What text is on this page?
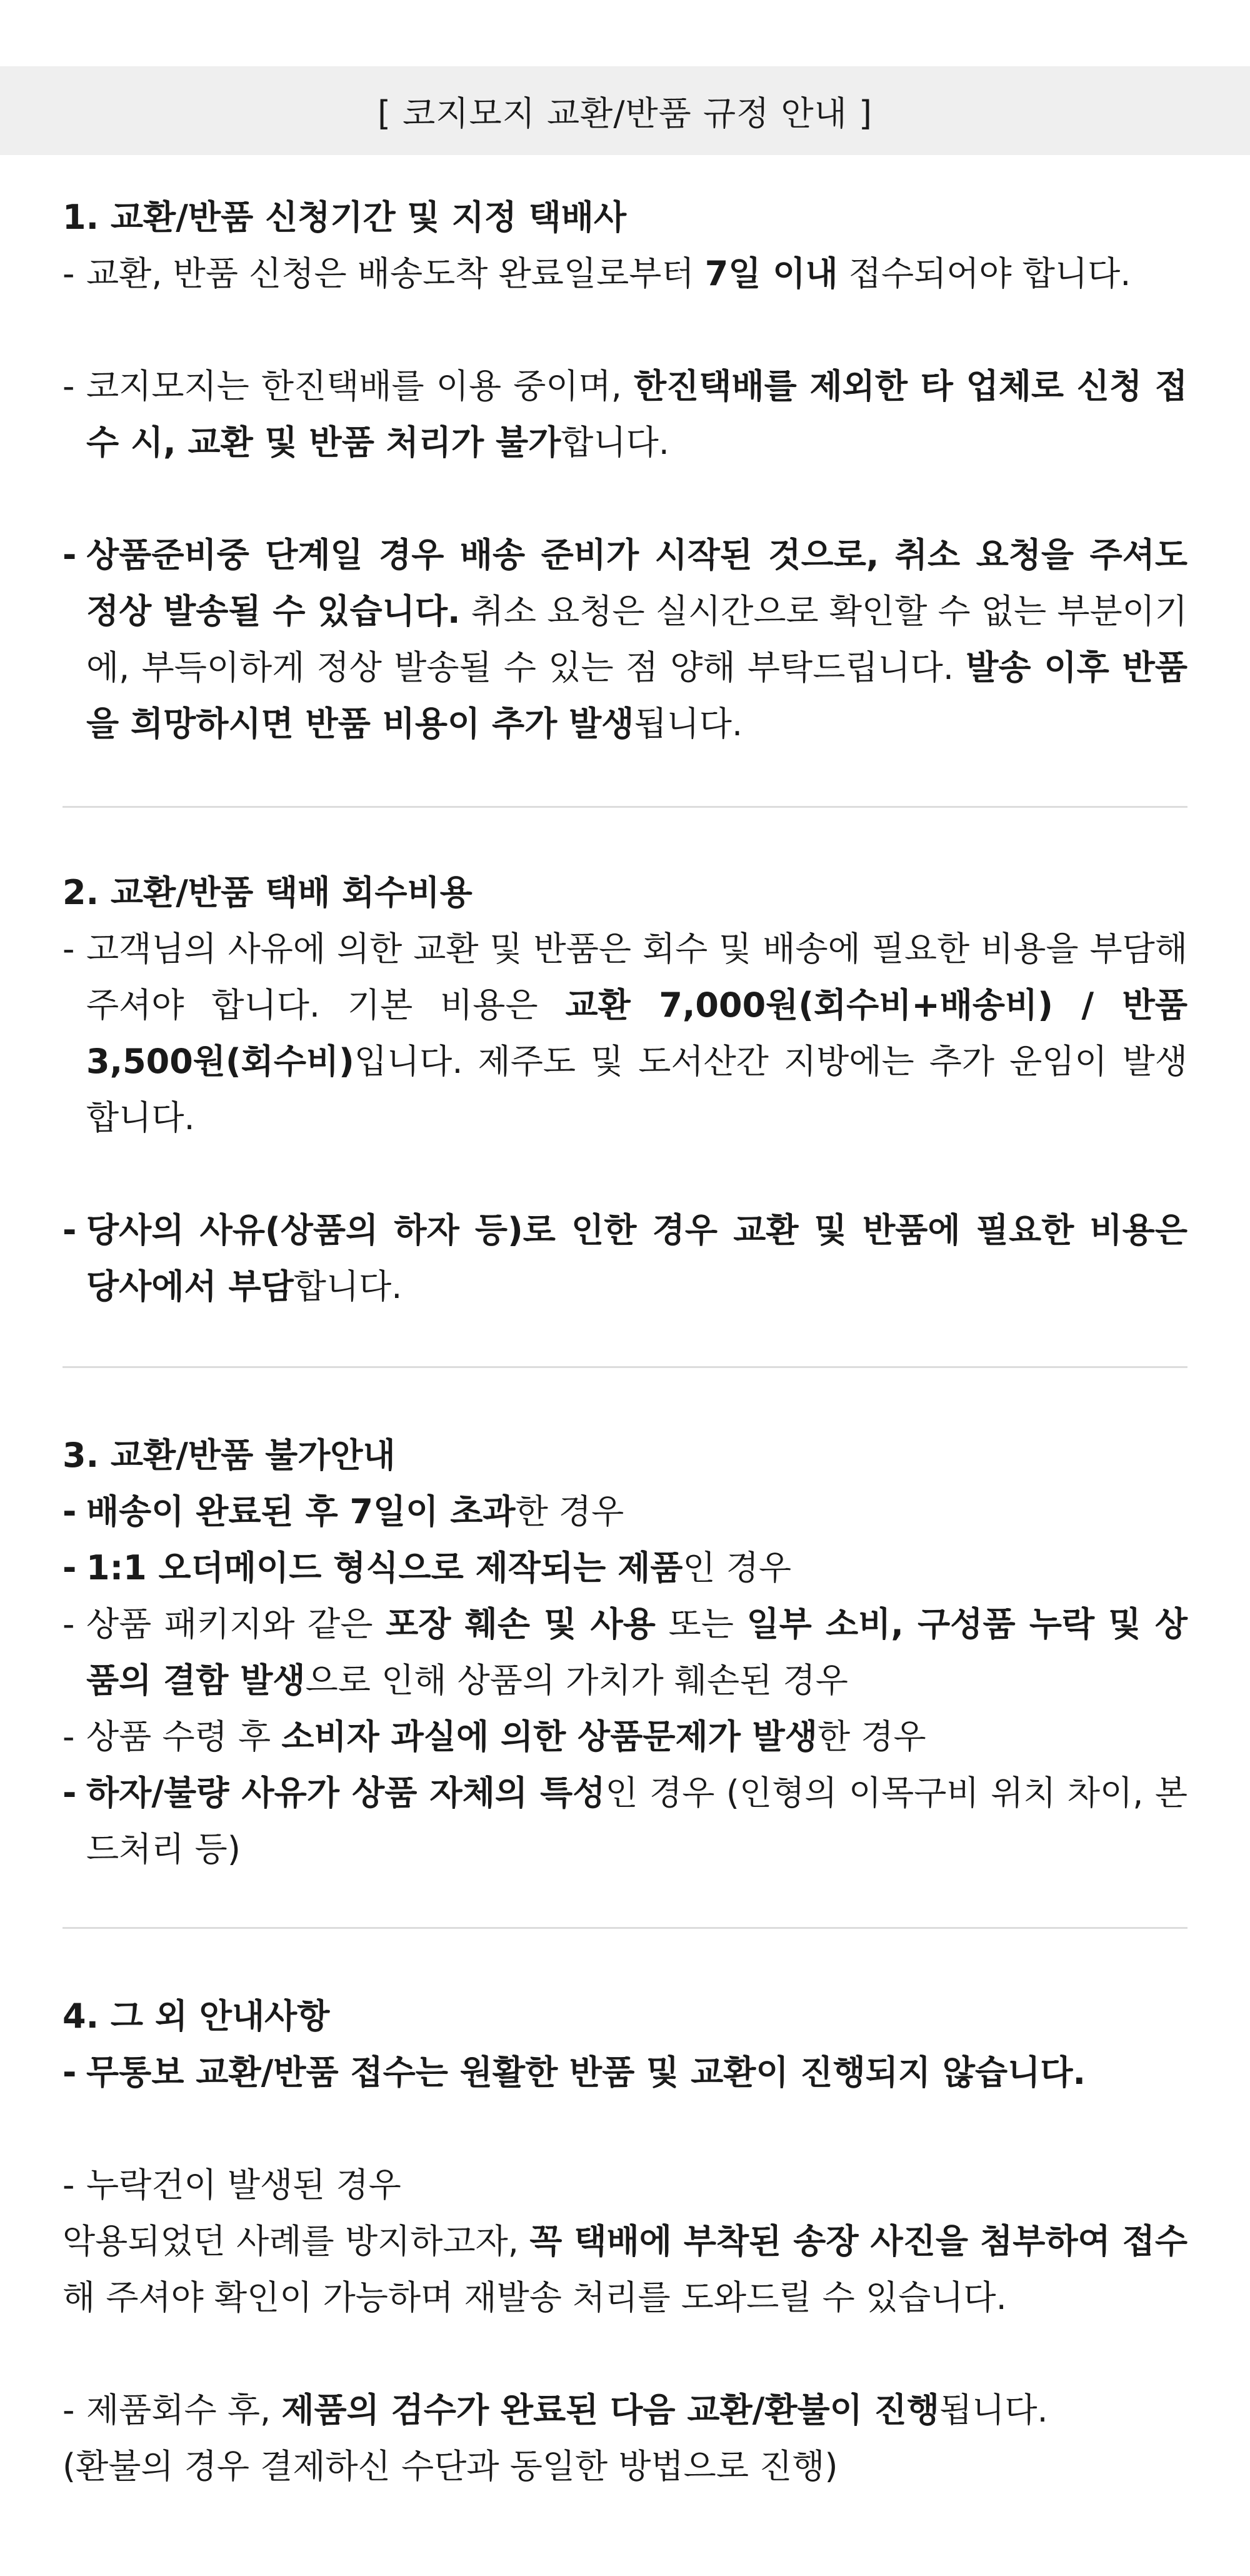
[ 코지모지 교환/반품 규정 안내 ]
1. 교환/반품 신청기간 및 지정 택배사

- 교환, 반품 신청은 배송도착 완료일로부터 7일 이내 접수되어야 합니다.

- 코지모지는 한진택배를 이용 중이며, 한진택배를 제외한 타 업체로 신청 접수 시, 교환 및 반품 처리가 불가합니다.

- 상품준비중 단계일 경우 배송 준비가 시작된 것으로, 취소 요청을 주셔도 정상 발송될 수 있습니다. 취소 요청은 실시간으로 확인할 수 없는 부분이기에, 부득이하게 정상 발송될 수 있는 점 양해 부탁드립니다. 발송 이후 반품을 희망하시면 반품 비용이 추가 발생됩니다.

2. 교환/반품 택배 회수비용

- 고객님의 사유에 의한 교환 및 반품은 회수 및 배송에 필요한 비용을 부담해 주셔야 합니다. 기본 비용은 교환 7,000원(회수비+배송비) / 반품 3,500원(회수비)입니다. 제주도 및 도서산간 지방에는 추가 운임이 발생합니다.

- 당사의 사유(상품의 하자 등)로 인한 경우 교환 및 반품에 필요한 비용은 당사에서 부담합니다.

3. 교환/반품 불가안내

- 배송이 완료된 후 7일이 초과한 경우

- 1:1 오더메이드 형식으로 제작되는 제품인 경우

- 상품 패키지와 같은 포장 훼손 및 사용 또는 일부 소비, 구성품 누락 및 상품의 결함 발생으로 인해 상품의 가치가 훼손된 경우

- 상품 수령 후 소비자 과실에 의한 상품문제가 발생한 경우

- 하자/불량 사유가 상품 자체의 특성인 경우 (인형의 이목구비 위치 차이, 본드처리 등)

4. 그 외 안내사항

- 무통보 교환/반품 접수는 원활한 반품 및 교환이 진행되지 않습니다.

- 누락건이 발생된 경우

악용되었던 사례를 방지하고자, 꼭 택배에 부착된 송장 사진을 첨부하여 접수해 주셔야 확인이 가능하며 재발송 처리를 도와드릴 수 있습니다.

- 제품회수 후, 제품의 검수가 완료된 다음 교환/환불이 진행됩니다.

(환불의 경우 결제하신 수단과 동일한 방법으로 진행)
